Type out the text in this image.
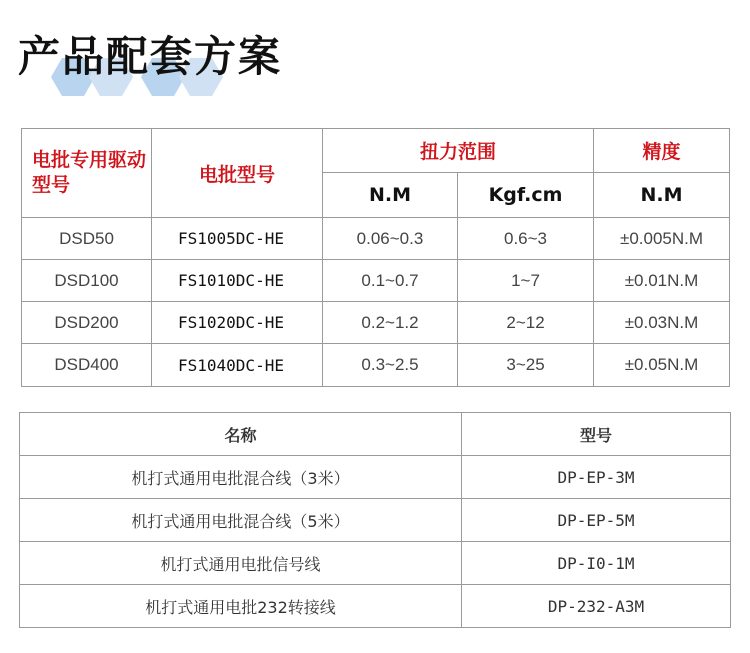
产品配套方案
电批专用驱动型号	电批型号	扭力范围		精度
		N.M	Kgf.cm	N.M
DSD50	FS1005DC-HE	0.06~0.3	0.6~3	±0.005N.M
DSD100	FS1010DC-HE	0.1~0.7	1~7	±0.01N.M
DSD200	FS1020DC-HE	0.2~1.2	2~12	±0.03N.M
DSD400	FS1040DC-HE	0.3~2.5	3~25	±0.05N.M
名称	型号
机打式通用电批混合线（3米）	DP-EP-3M
机打式通用电批混合线（5米）	DP-EP-5M
机打式通用电批信号线	DP-I0-1M
机打式通用电批232转接线	DP-232-A3M
